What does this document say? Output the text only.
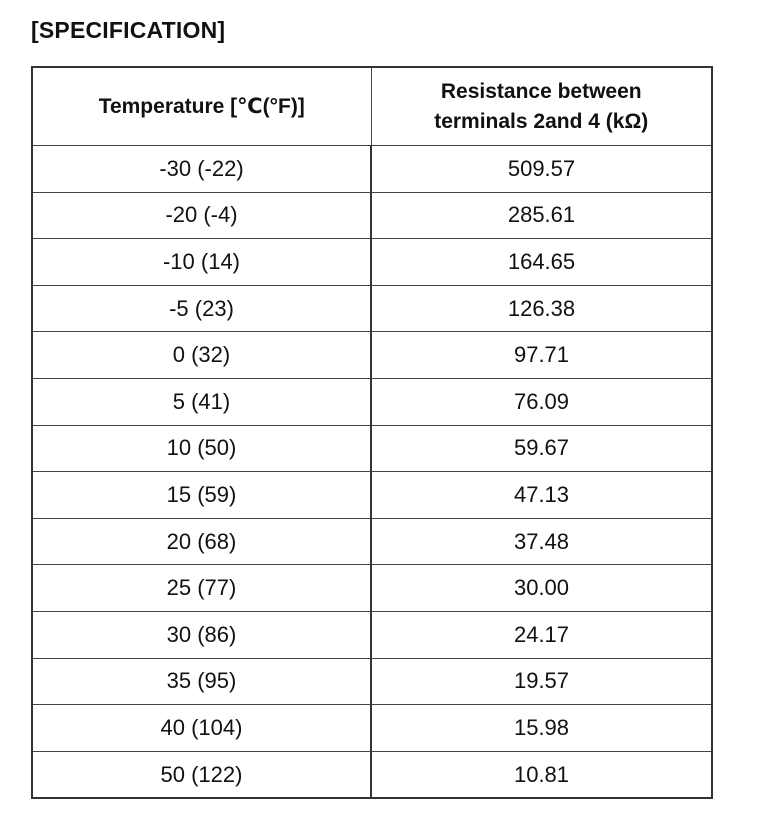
[SPECIFICATION]
Temperature [℃(°F)]	Resistance between
terminals 2and 4 (kΩ)

-30 (-22)	509.57
-20 (-4)	285.61
-10 (14)	164.65
-5 (23)	126.38
0 (32)	97.71
5 (41)	76.09
10 (50)	59.67
15 (59)	47.13
20 (68)	37.48
25 (77)	30.00
30 (86)	24.17
35 (95)	19.57
40 (104)	15.98
50 (122)	10.81
